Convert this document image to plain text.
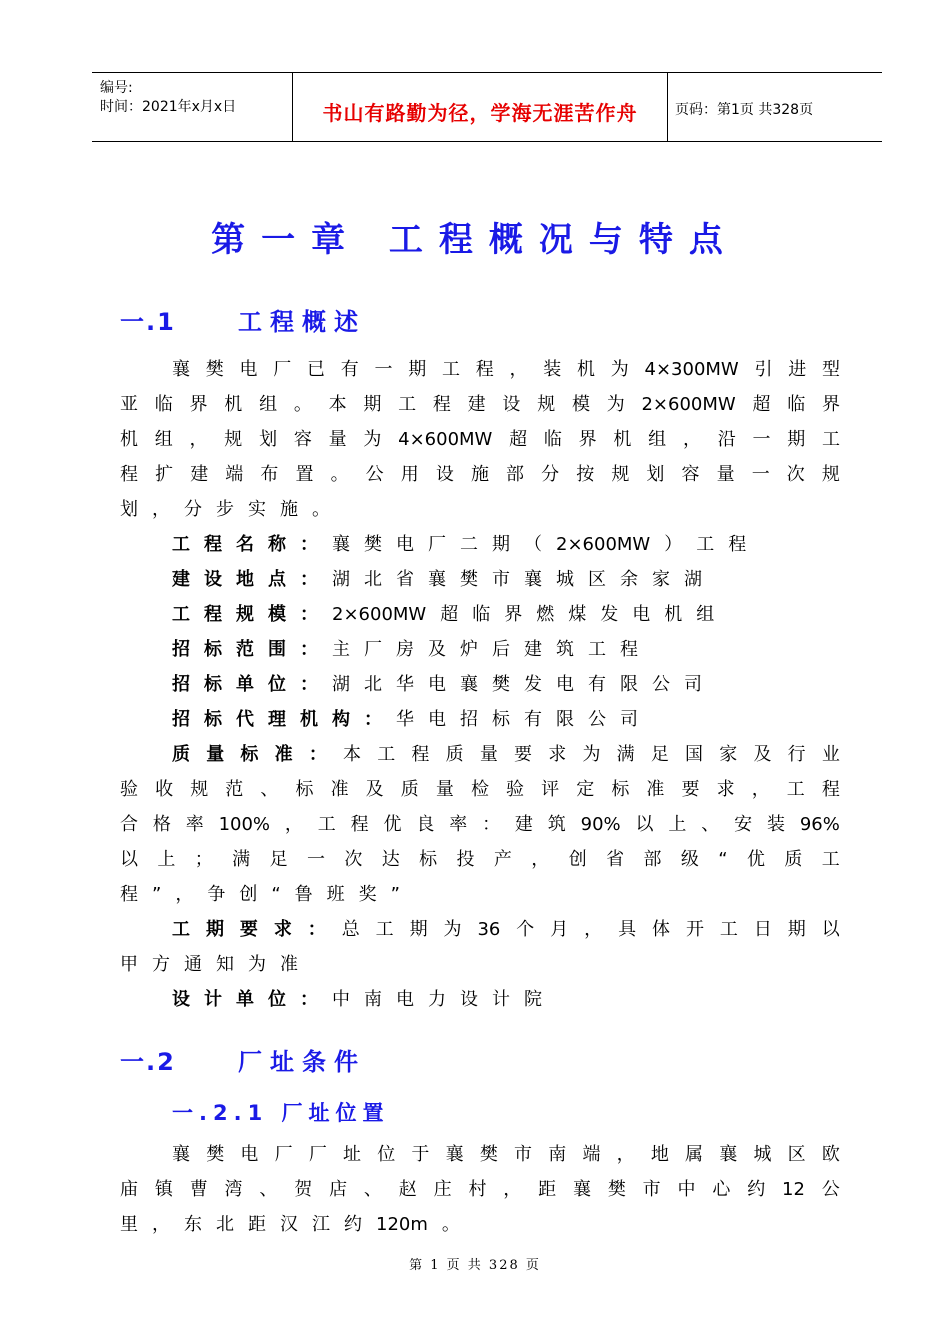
编号:
时间：2021年x月x日	书山有路勤为径，学海无涯苦作舟	页码：第1页 共328页
第一章 工程概况与特点
一.1	工程概述
襄 樊 电 厂 已 有 一 期 工 程 ， 装 机 为 4×300MW 引 进 型
亚 临 界 机 组 。 本 期 工 程 建 设 规 模 为 2×600MW 超 临 界
机 组 ， 规 划 容 量 为 4×600MW 超 临 界 机 组 ， 沿 一 期 工
程 扩 建 端 布 置 。 公 用 设 施 部 分 按 规 划 容 量 一 次 规
划 ， 分 步 实 施 。
工 程 名 称 ： 襄 樊 电 厂 二 期 （ 2×600MW ） 工 程
建 设 地 点 ： 湖 北 省 襄 樊 市 襄 城 区 余 家 湖
工 程 规 模 ： 2×600MW 超 临 界 燃 煤 发 电 机 组
招 标 范 围 ： 主 厂 房 及 炉 后 建 筑 工 程
招 标 单 位 ： 湖 北 华 电 襄 樊 发 电 有 限 公 司
招 标 代 理 机 构 ： 华 电 招 标 有 限 公 司
质 量 标 准 ： 本 工 程 质 量 要 求 为 满 足 国 家 及 行 业
验 收 规 范 、 标 准 及 质 量 检 验 评 定 标 准 要 求 ， 工 程
合 格 率 100% ， 工 程 优 良 率 ： 建 筑 90% 以 上 、 安 装 96%
以 上 ； 满 足 一 次 达 标 投 产 ， 创 省 部 级 “ 优 质 工
程 ” ， 争 创 “ 鲁 班 奖 ”
工 期 要 求 ： 总 工 期 为 36 个 月 ， 具 体 开 工 日 期 以
甲 方 通 知 为 准
设 计 单 位 ： 中 南 电 力 设 计 院
一.2	厂址条件
一.2.1 厂址位置
襄 樊 电 厂 厂 址 位 于 襄 樊 市 南 端 ， 地 属 襄 城 区 欧
庙 镇 曹 湾 、 贺 店 、 赵 庄 村 ， 距 襄 樊 市 中 心 约 12 公
里 ， 东 北 距 汉 江 约 120m 。
第 1 页 共 328 页
